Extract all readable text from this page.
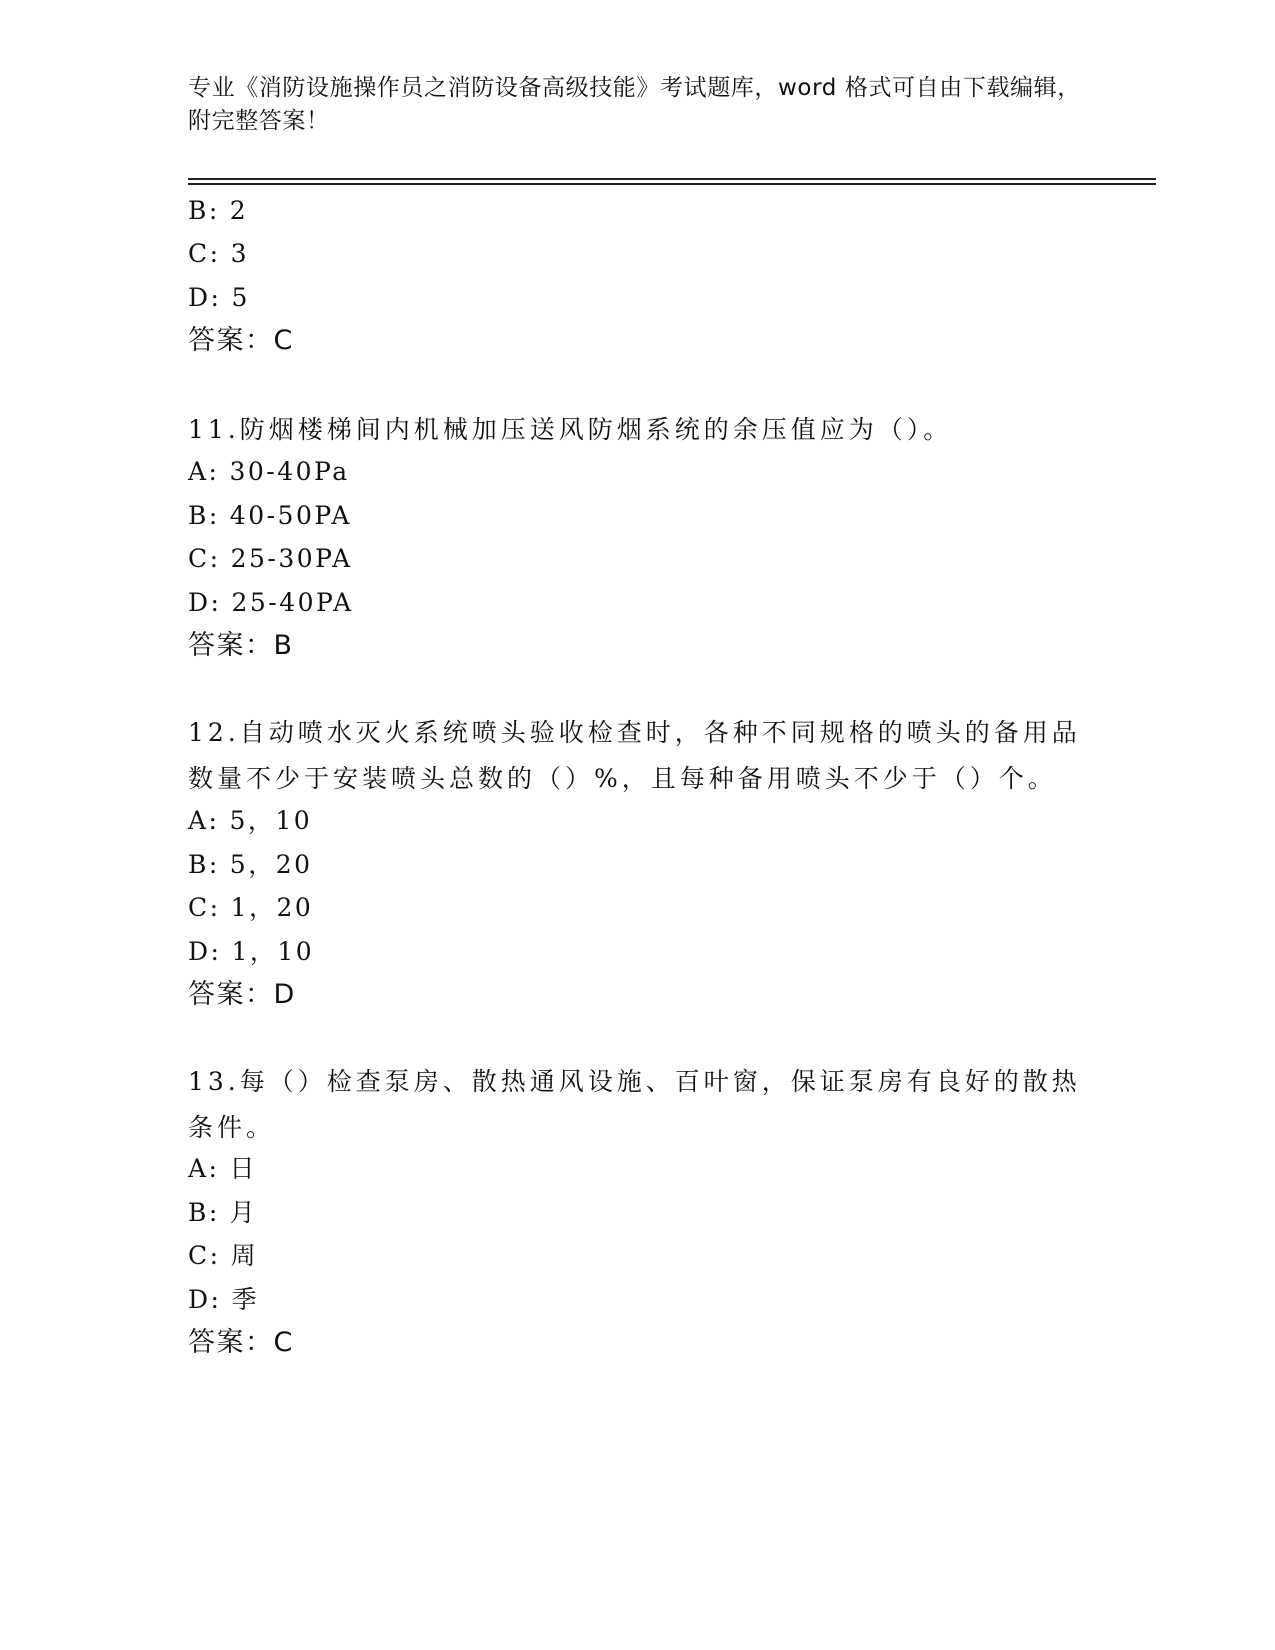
专业《消防设施操作员之消防设备高级技能》考试题库，word 格式可自由下载编辑，附完整答案！
B: 2
C: 3
D: 5
答案：C
11.防烟楼梯间内机械加压送风防烟系统的余压值应为（）。
A: 30-40Pa
B: 40-50PA
C: 25-30PA
D: 25-40PA
答案：B
12.自动喷水灭火系统喷头验收检查时，各种不同规格的喷头的备用品数量不少于安装喷头总数的（）%，且每种备用喷头不少于（）个。
A: 5，10
B: 5，20
C: 1，20
D: 1，10
答案：D
13.每（）检查泵房、散热通风设施、百叶窗，保证泵房有良好的散热条件。
A: 日
B: 月
C: 周
D: 季
答案：C
